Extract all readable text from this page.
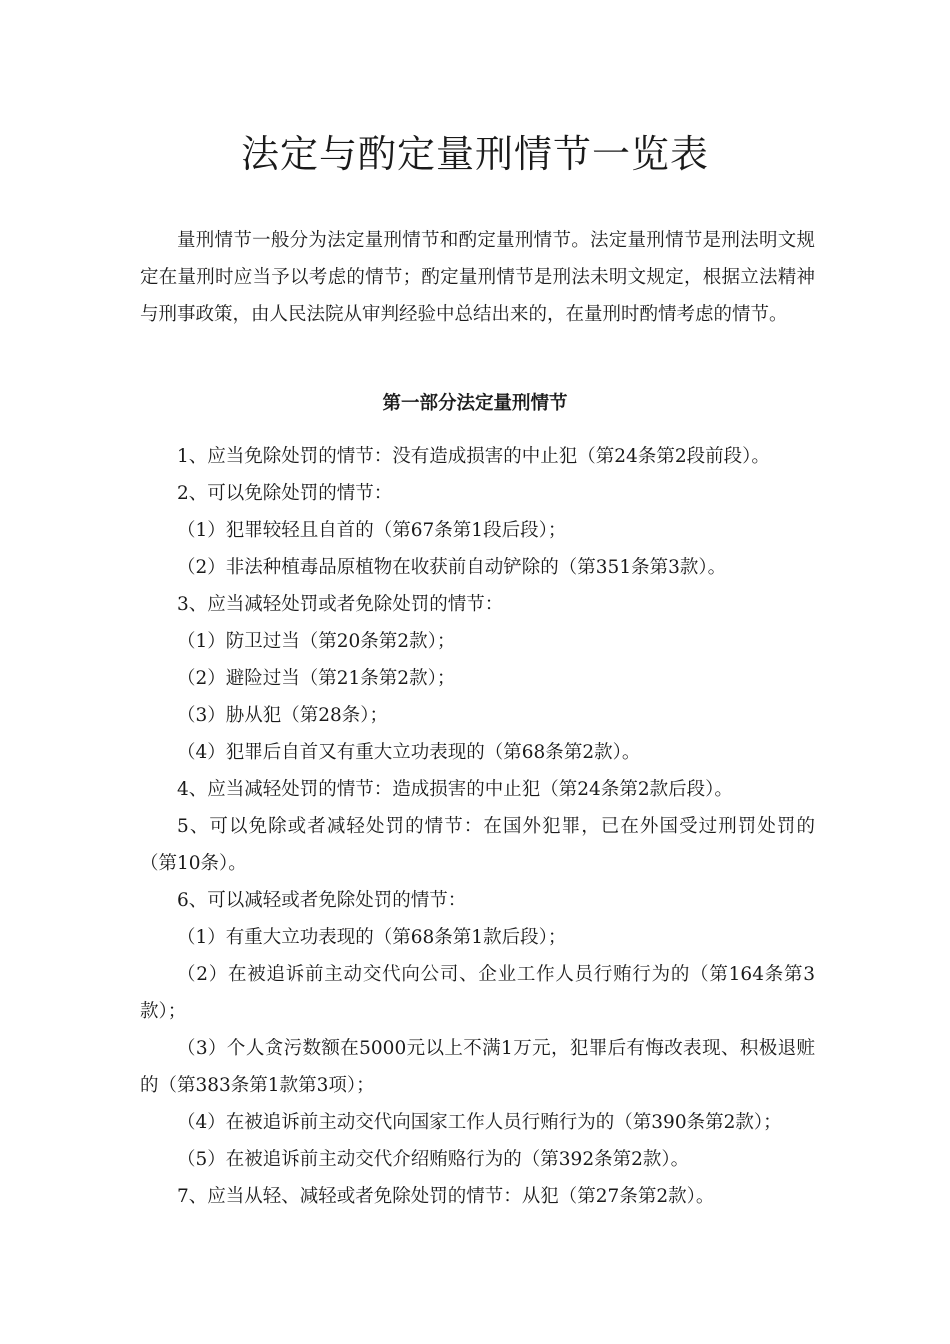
法定与酌定量刑情节一览表

量刑情节一般分为法定量刑情节和酌定量刑情节。法定量刑情节是刑法明文规定在量刑时应当予以考虑的情节；酌定量刑情节是刑法未明文规定，根据立法精神与刑事政策，由人民法院从审判经验中总结出来的，在量刑时酌情考虑的情节。

第一部分法定量刑情节

1、应当免除处罚的情节：没有造成损害的中止犯（第24条第2段前段）。

2、可以免除处罚的情节：

（1）犯罪较轻且自首的（第67条第1段后段）；

（2）非法种植毒品原植物在收获前自动铲除的（第351条第3款）。

3、应当减轻处罚或者免除处罚的情节：

（1）防卫过当（第20条第2款）；

（2）避险过当（第21条第2款）；

（3）胁从犯（第28条）；

（4）犯罪后自首又有重大立功表现的（第68条第2款）。

4、应当减轻处罚的情节：造成损害的中止犯（第24条第2款后段）。

5、可以免除或者减轻处罚的情节：在国外犯罪，已在外国受过刑罚处罚的（第10条）。

6、可以减轻或者免除处罚的情节：

（1）有重大立功表现的（第68条第1款后段）；

（2）在被追诉前主动交代向公司、企业工作人员行贿行为的（第164条第3款）；

（3）个人贪污数额在5000元以上不满1万元，犯罪后有悔改表现、积极退赃的（第383条第1款第3项）；

（4）在被追诉前主动交代向国家工作人员行贿行为的（第390条第2款）；

（5）在被追诉前主动交代介绍贿赂行为的（第392条第2款）。

7、应当从轻、减轻或者免除处罚的情节：从犯（第27条第2款）。
